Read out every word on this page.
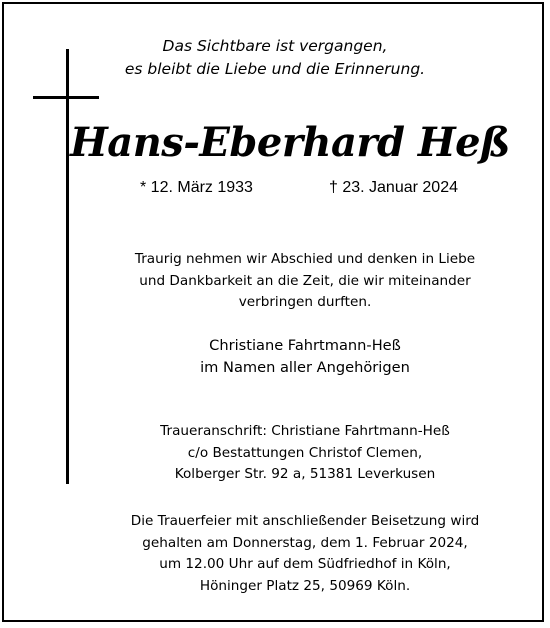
Das Sichtbare ist vergangen,
es bleibt die Liebe und die Erinnerung.
Hans-Eberhard Heß
* 12. März 1933	† 23. Januar 2024
Traurig nehmen wir Abschied und denken in Liebe
und Dankbarkeit an die Zeit, die wir miteinander
verbringen durften.
Christiane Fahrtmann-Heß
im Namen aller Angehörigen
Traueranschrift: Christiane Fahrtmann-Heß
c/o Bestattungen Christof Clemen,
Kolberger Str. 92 a, 51381 Leverkusen
Die Trauerfeier mit anschließender Beisetzung wird
gehalten am Donnerstag, dem 1. Februar 2024,
um 12.00 Uhr auf dem Südfriedhof in Köln,
Höninger Platz 25, 50969 Köln.
